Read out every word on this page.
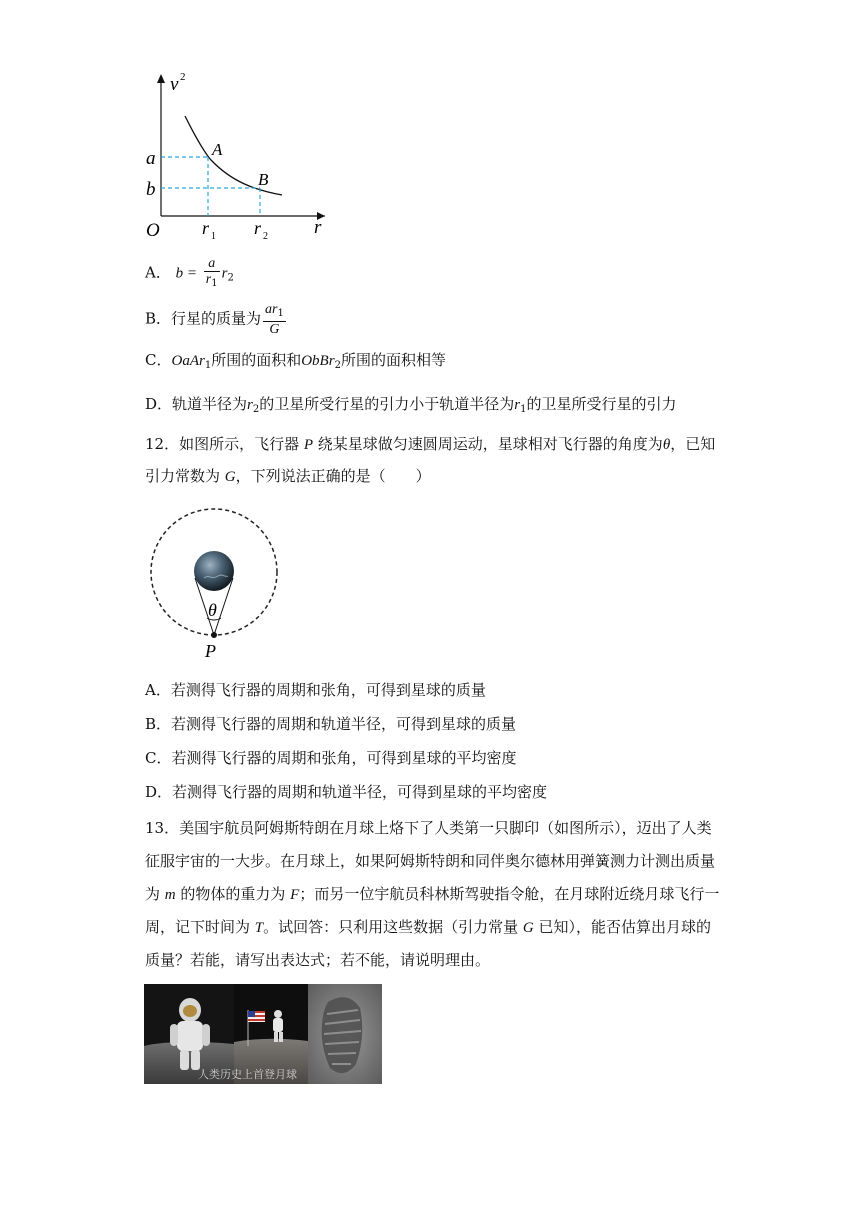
v 2
a
b
O
A
B
r 1 r 2 r
A． $b = \frac{a}{r_1} r_2$
B．行星的质量为 $\frac{ar_1}{G}$
C．OaAr$_1$所围的面积和ObBr$_2$所围的面积相等
D．轨道半径为$r_2$的卫星所受行星的引力小于轨道半径为$r_1$的卫星所受行星的引力
12．如图所示，飞行器 P 绕某星球做匀速圆周运动，星球相对飞行器的角度为θ，已知
引力常数为 G，下列说法正确的是（　　）
θ
P
A．若测得飞行器的周期和张角，可得到星球的质量
B．若测得飞行器的周期和轨道半径，可得到星球的质量
C．若测得飞行器的周期和张角，可得到星球的平均密度
D．若测得飞行器的周期和轨道半径，可得到星球的平均密度
13．美国宇航员阿姆斯特朗在月球上烙下了人类第一只脚印（如图所示），迈出了人类
征服宇宙的一大步。在月球上，如果阿姆斯特朗和同伴奥尔德林用弹簧测力计测出质量
为 m 的物体的重力为 F；而另一位宇航员科林斯驾驶指令舱，在月球附近绕月球飞行一
周，记下时间为 T。试回答：只利用这些数据（引力常量 G 已知），能否估算出月球的
质量？若能，请写出表达式；若不能，请说明理由。
人类历史上首登月球
